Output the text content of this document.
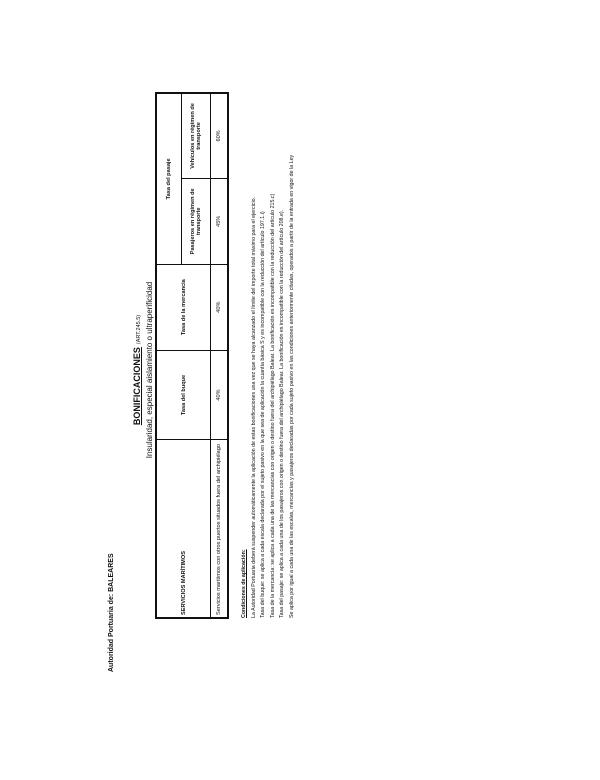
Autoridad Portuaria de: BALEARES
BONIFICACIONES(ART.245.5) Insularidad, especial aislamiento o ultraperificidad
SERVICIOS MARÍTIMOS	Tasa del buque	Tasa de la mercancia	Tasa del pasaje	
			Pasajeros en régimen de transporte	Vehículos en régimen de transporte
Servicios marítimos con otros puertos situados fuera del archipiélago	40%	40%	45%	60%

Condiciones de aplicación: La Autoridad Portuaria deberá suspender automáticamente la aplicación de estas bonificaciones una vez que se haya alcanzado el límite del importe total máximo para el ejercicio. Tasa del buque: se aplica a cada escala declarada por el sujeto pasivo en la que sea de aplicación la cuantía básica S y es incompatible con la reducción del artículo 197.1.i) Tasa de la mercancía: se aplica a cada una de las mercancías con origen o destino fuera del archipiélago Balear. La bonificación es incompatible con la reducción del artículo 215.c) Tasa del pasaje: se aplica a cada una de los pasajeros con origen o destino fuera del archipiélago Balear. La bonificación es incompatible con la reducción del artículo 208.e). Se aplica por igual a cada una de las escalas, mercancías y pasajeros declaradas por cada sujeto pasivo en las condiciones anteriormente citadas, operados a partir de la entrada en vigor de la Ley
